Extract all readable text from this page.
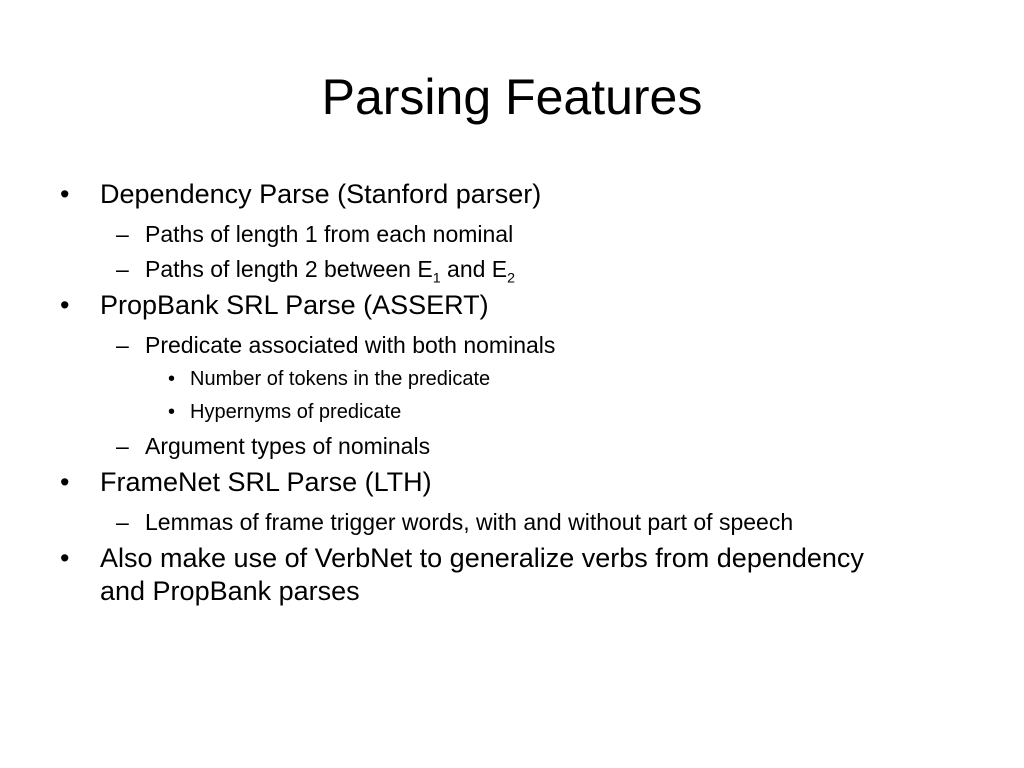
Parsing Features
• Dependency Parse (Stanford parser)
– Paths of length 1 from each nominal
– Paths of length 2 between $E_1$ and $E_2$
• PropBank SRL Parse (ASSERT)
– Predicate associated with both nominals
• Number of tokens in the predicate
• Hypernyms of predicate
– Argument types of nominals
• FrameNet SRL Parse (LTH)
– Lemmas of frame trigger words, with and without part of speech
• Also make use of VerbNet to generalize verbs from dependency and PropBank parses
